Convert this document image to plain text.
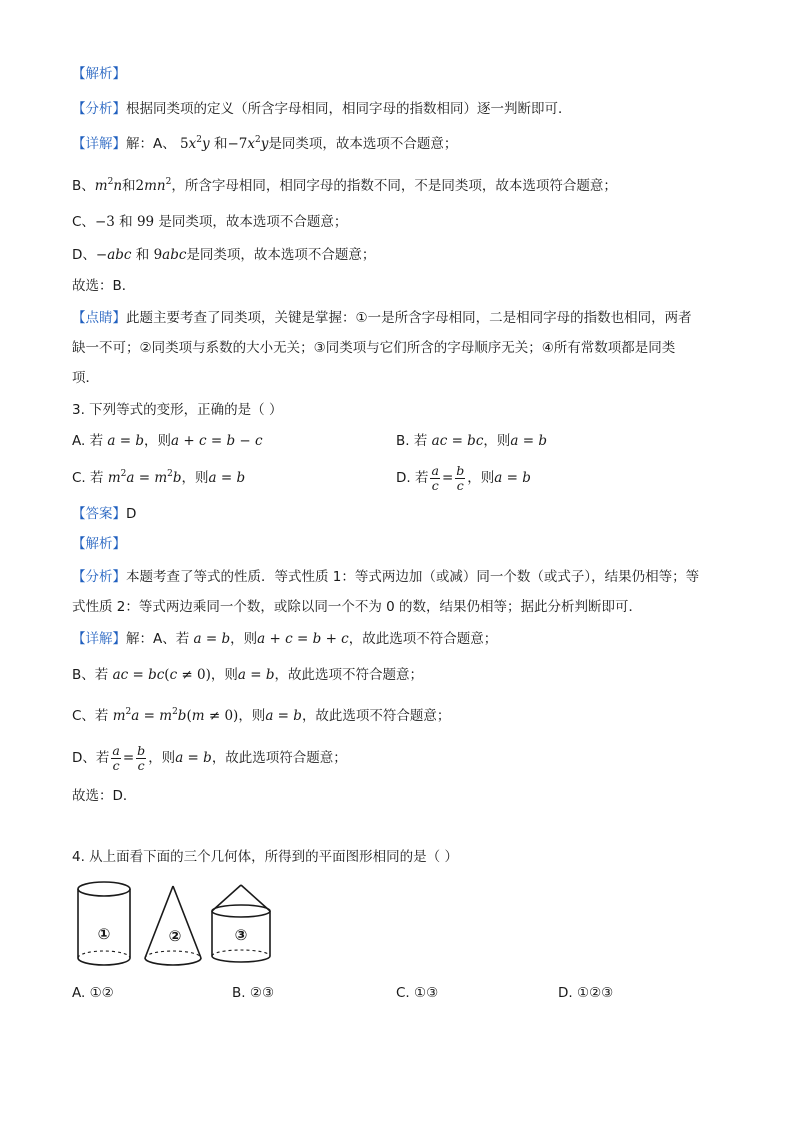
【解析】
【分析】根据同类项的定义（所含字母相同，相同字母的指数相同）逐一判断即可．
【详解】解：A、 $5x^2y$ 和$-7x^2y$是同类项，故本选项不合题意；
B、$m^2n$和$2mn^2$，所含字母相同，相同字母的指数不同，不是同类项，故本选项符合题意；
C、−3 和 99 是同类项，故本选项不合题意；
D、−abc 和 9abc是同类项，故本选项不合题意；
故选：B．
【点睛】此题主要考查了同类项，关键是掌握：①一是所含字母相同，二是相同字母的指数也相同，两者
缺一不可；②同类项与系数的大小无关；③同类项与它们所含的字母顺序无关；④所有常数项都是同类
项．
3. 下列等式的变形，正确的是（ ）
A. 若 a = b，则a + c = b − c	B. 若 ac = bc，则a = b
C. 若 $m^2a = m^2b$，则a = b	D. 若 $\frac{a}{c} = \frac{b}{c}$ ，则a = b
【答案】D
【解析】
【分析】本题考查了等式的性质．等式性质 1：等式两边加（或减）同一个数（或式子），结果仍相等；等
式性质 2：等式两边乘同一个数，或除以同一个不为 0 的数，结果仍相等；据此分析判断即可．
【详解】解：A、若 a = b，则a + c = b + c，故此选项不符合题意；
B、若 ac = bc(c ≠ 0)，则a = b，故此选项不符合题意；
C、若 $m^2a = m^2b(m \ne 0)$，则a = b，故此选项不符合题意；
D、若 $\frac{a}{c} = \frac{b}{c}$ ，则a = b，故此选项符合题意；
故选：D．
4. 从上面看下面的三个几何体，所得到的平面图形相同的是（ ）
①	②	③
A. ①②	B. ②③	C. ①③	D. ①②③
